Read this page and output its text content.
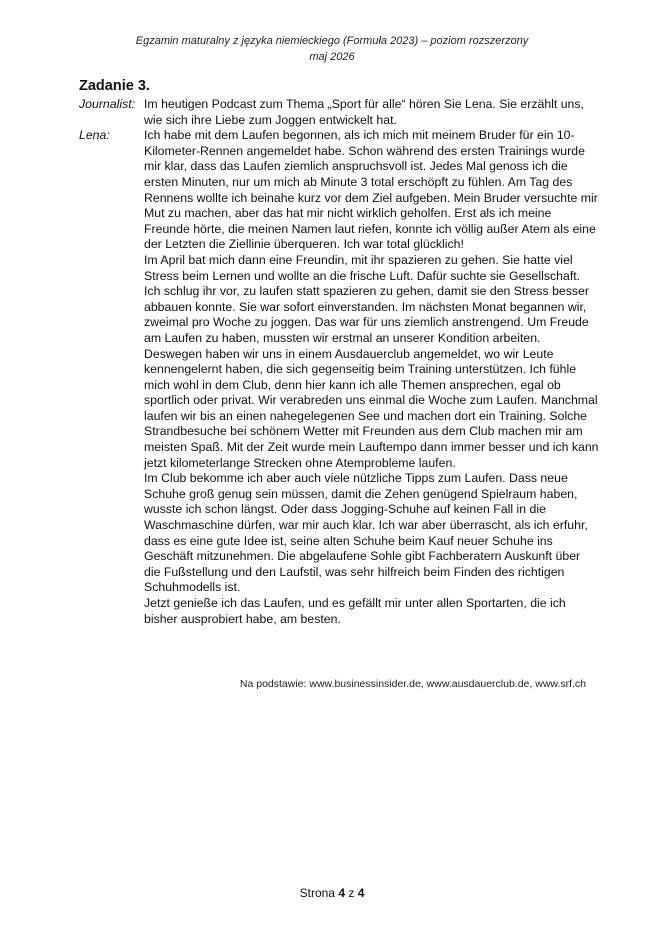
Egzamin maturalny z języka niemieckiego (Formuła 2023) – poziom rozszerzony
maj 2026
Zadanie 3.
Journalist: Im heutigen Podcast zum Thema „Sport für alle“ hören Sie Lena. Sie erzählt uns, wie sich ihre Liebe zum Joggen entwickelt hat.

Lena:	Ich habe mit dem Laufen begonnen, als ich mich mit meinem Bruder für ein 10-Kilometer-Rennen angemeldet habe. Schon während des ersten Trainings wurde mir klar, dass das Laufen ziemlich anspruchsvoll ist. Jedes Mal genoss ich die ersten Minuten, nur um mich ab Minute 3 total erschöpft zu fühlen. Am Tag des Rennens wollte ich beinahe kurz vor dem Ziel aufgeben. Mein Bruder versuchte mir Mut zu machen, aber das hat mir nicht wirklich geholfen. Erst als ich meine Freunde hörte, die meinen Namen laut riefen, konnte ich völlig außer Atem als eine der Letzten die Ziellinie überqueren. Ich war total glücklich!

Im April bat mich dann eine Freundin, mit ihr spazieren zu gehen. Sie hatte viel Stress beim Lernen und wollte an die frische Luft. Dafür suchte sie Gesellschaft. Ich schlug ihr vor, zu laufen statt spazieren zu gehen, damit sie den Stress besser abbauen konnte. Sie war sofort einverstanden. Im nächsten Monat begannen wir, zweimal pro Woche zu joggen. Das war für uns ziemlich anstrengend. Um Freude am Laufen zu haben, mussten wir erstmal an unserer Kondition arbeiten.

Deswegen haben wir uns in einem Ausdauerclub angemeldet, wo wir Leute kennengelernt haben, die sich gegenseitig beim Training unterstützen. Ich fühle mich wohl in dem Club, denn hier kann ich alle Themen ansprechen, egal ob sportlich oder privat. Wir verabreden uns einmal die Woche zum Laufen. Manchmal laufen wir bis an einen nahegelegenen See und machen dort ein Training. Solche Strandbesuche bei schönem Wetter mit Freunden aus dem Club machen mir am meisten Spaß. Mit der Zeit wurde mein Lauftempo dann immer besser und ich kann jetzt kilometerlange Strecken ohne Atemprobleme laufen.

Im Club bekomme ich aber auch viele nützliche Tipps zum Laufen. Dass neue Schuhe groß genug sein müssen, damit die Zehen genügend Spielraum haben, wusste ich schon längst. Oder dass Jogging-Schuhe auf keinen Fall in die Waschmaschine dürfen, war mir auch klar. Ich war aber überrascht, als ich erfuhr, dass es eine gute Idee ist, seine alten Schuhe beim Kauf neuer Schuhe ins Geschäft mitzunehmen. Die abgelaufene Sohle gibt Fachberatern Auskunft über die Fußstellung und den Laufstil, was sehr hilfreich beim Finden des richtigen Schuhmodells ist.

Jetzt genieße ich das Laufen, und es gefällt mir unter allen Sportarten, die ich bisher ausprobiert habe, am besten.

Na podstawie: www.businessinsider.de, www.ausdauerclub.de, www.srf.ch
Strona 4 z 4
